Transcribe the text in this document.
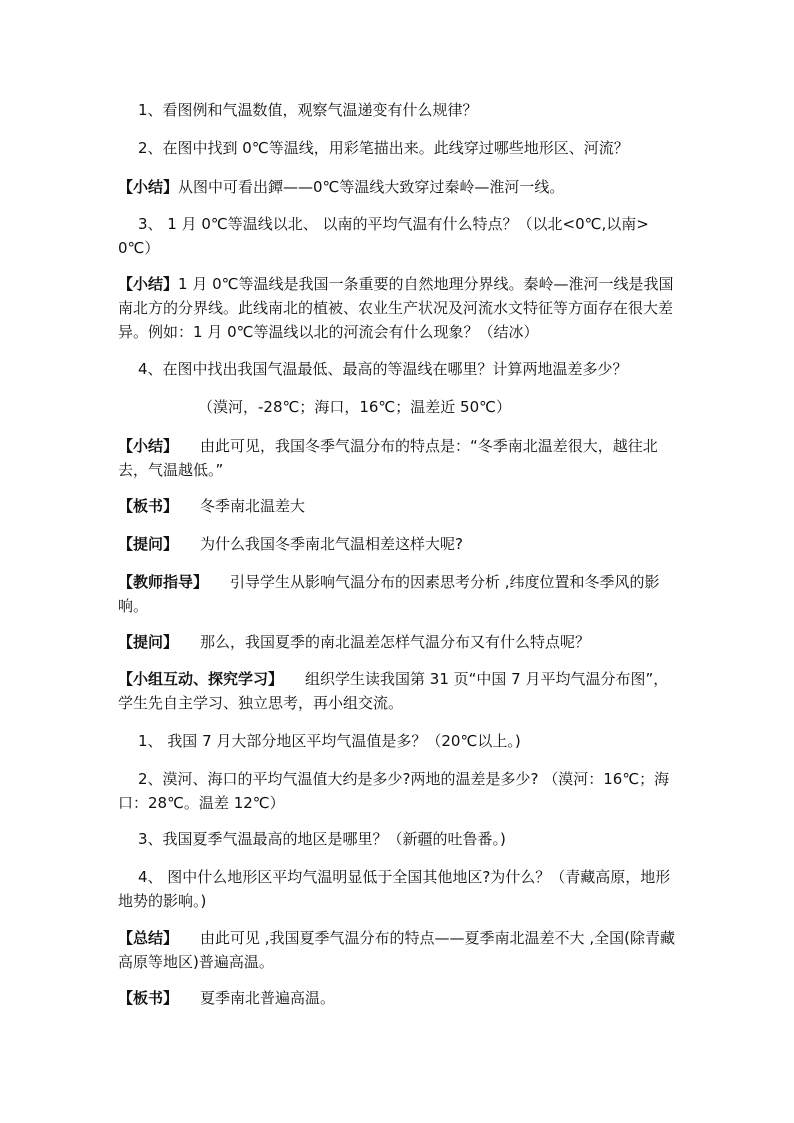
1、看图例和气温数值，观察气温递变有什么规律？

2、在图中找到 0℃等温线，用彩笔描出来。此线穿过哪些地形区、河流？

【小结】从图中可看出鐔——0℃等温线大致穿过秦岭—淮河一线。

3、 1 月 0℃等温线以北、 以南的平均气温有什么特点？（以北<0℃,以南>0℃）

【小结】1 月 0℃等温线是我国一条重要的自然地理分界线。秦岭—淮河一线是我国南北方的分界线。此线南北的植被、农业生产状况及河流水文特征等方面存在很大差异。例如：1 月 0℃等温线以北的河流会有什么现象？（结冰）

4、在图中找出我国气温最低、最高的等温线在哪里？计算两地温差多少？

（漠河，-28℃；海口，16℃；温差近 50℃）

【小结】 由此可见，我国冬季气温分布的特点是：“冬季南北温差很大，越往北去，气温越低。”

【板书】 冬季南北温差大

【提问】 为什么我国冬季南北气温相差这样大呢?

【教师指导】 引导学生从影响气温分布的因素思考分析 ,纬度位置和冬季风的影响。

【提问】 那么，我国夏季的南北温差怎样气温分布又有什么特点呢？

【小组互动、探究学习】 组织学生读我国第 31 页“中国 7 月平均气温分布图”，学生先自主学习、独立思考，再小组交流。

1、 我国 7 月大部分地区平均气温值是多？（20℃以上。)

2、漠河、海口的平均气温值大约是多少?两地的温差是多少? （漠河：16℃；海口：28℃。温差 12℃）

3、我国夏季气温最高的地区是哪里？（新疆的吐鲁番。)

4、 图中什么地形区平均气温明显低于全国其他地区?为什么？（青藏高原，地形地势的影响。)

【总结】 由此可见 ,我国夏季气温分布的特点——夏季南北温差不大 ,全国(除青藏高原等地区)普遍高温。

【板书】 夏季南北普遍高温。
